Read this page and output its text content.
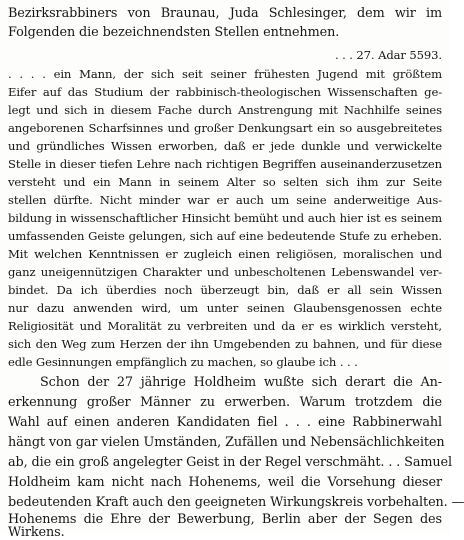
Bezirksrabbiners von Braunau, Juda Schlesinger, dem wir im
Folgenden die bezeichnendsten Stellen entnehmen.
. . . 27. Adar 5593.
. . . . ein Mann, der sich seit seiner frühesten Jugend mit größtem
Eifer auf das Studium der rabbinisch-theologischen Wissenschaften ge-
legt und sich in diesem Fache durch Anstrengung mit Nachhilfe seines
angeborenen Scharfsinnes und großer Denkungsart ein so ausgebreitetes
und gründliches Wissen erworben, daß er jede dunkle und verwickelte
Stelle in dieser tiefen Lehre nach richtigen Begriffen auseinanderzusetzen
versteht und ein Mann in seinem Alter so selten sich ihm zur Seite
stellen dürfte. Nicht minder war er auch um seine anderweitige Aus-
bildung in wissenschaftlicher Hinsicht bemüht und auch hier ist es seinem
umfassenden Geiste gelungen, sich auf eine bedeutende Stufe zu erheben.
Mit welchen Kenntnissen er zugleich einen religiösen, moralischen und
ganz uneigennützigen Charakter und unbescholtenen Lebenswandel ver-
bindet. Da ich überdies noch überzeugt bin, daß er all sein Wissen
nur dazu anwenden wird, um unter seinen Glaubensgenossen echte
Religiosität und Moralität zu verbreiten und da er es wirklich versteht,
sich den Weg zum Herzen der ihn Umgebenden zu bahnen, und für diese
edle Gesinnungen empfänglich zu machen, so glaube ich . . .
Schon der 27 jährige Holdheim wußte sich derart die An-
erkennung großer Männer zu erwerben. Warum trotzdem die
Wahl auf einen anderen Kandidaten fiel . . . eine Rabbinerwahl
hängt von gar vielen Umständen, Zufällen und Nebensächlichkeiten
ab, die ein groß angelegter Geist in der Regel verschmäht. . . Samuel
Holdheim kam nicht nach Hohenems, weil die Vorsehung dieser
bedeutenden Kraft auch den geeigneten Wirkungskreis vorbehalten. —
Hohenems die Ehre der Bewerbung, Berlin aber der Segen des
Wirkens.
